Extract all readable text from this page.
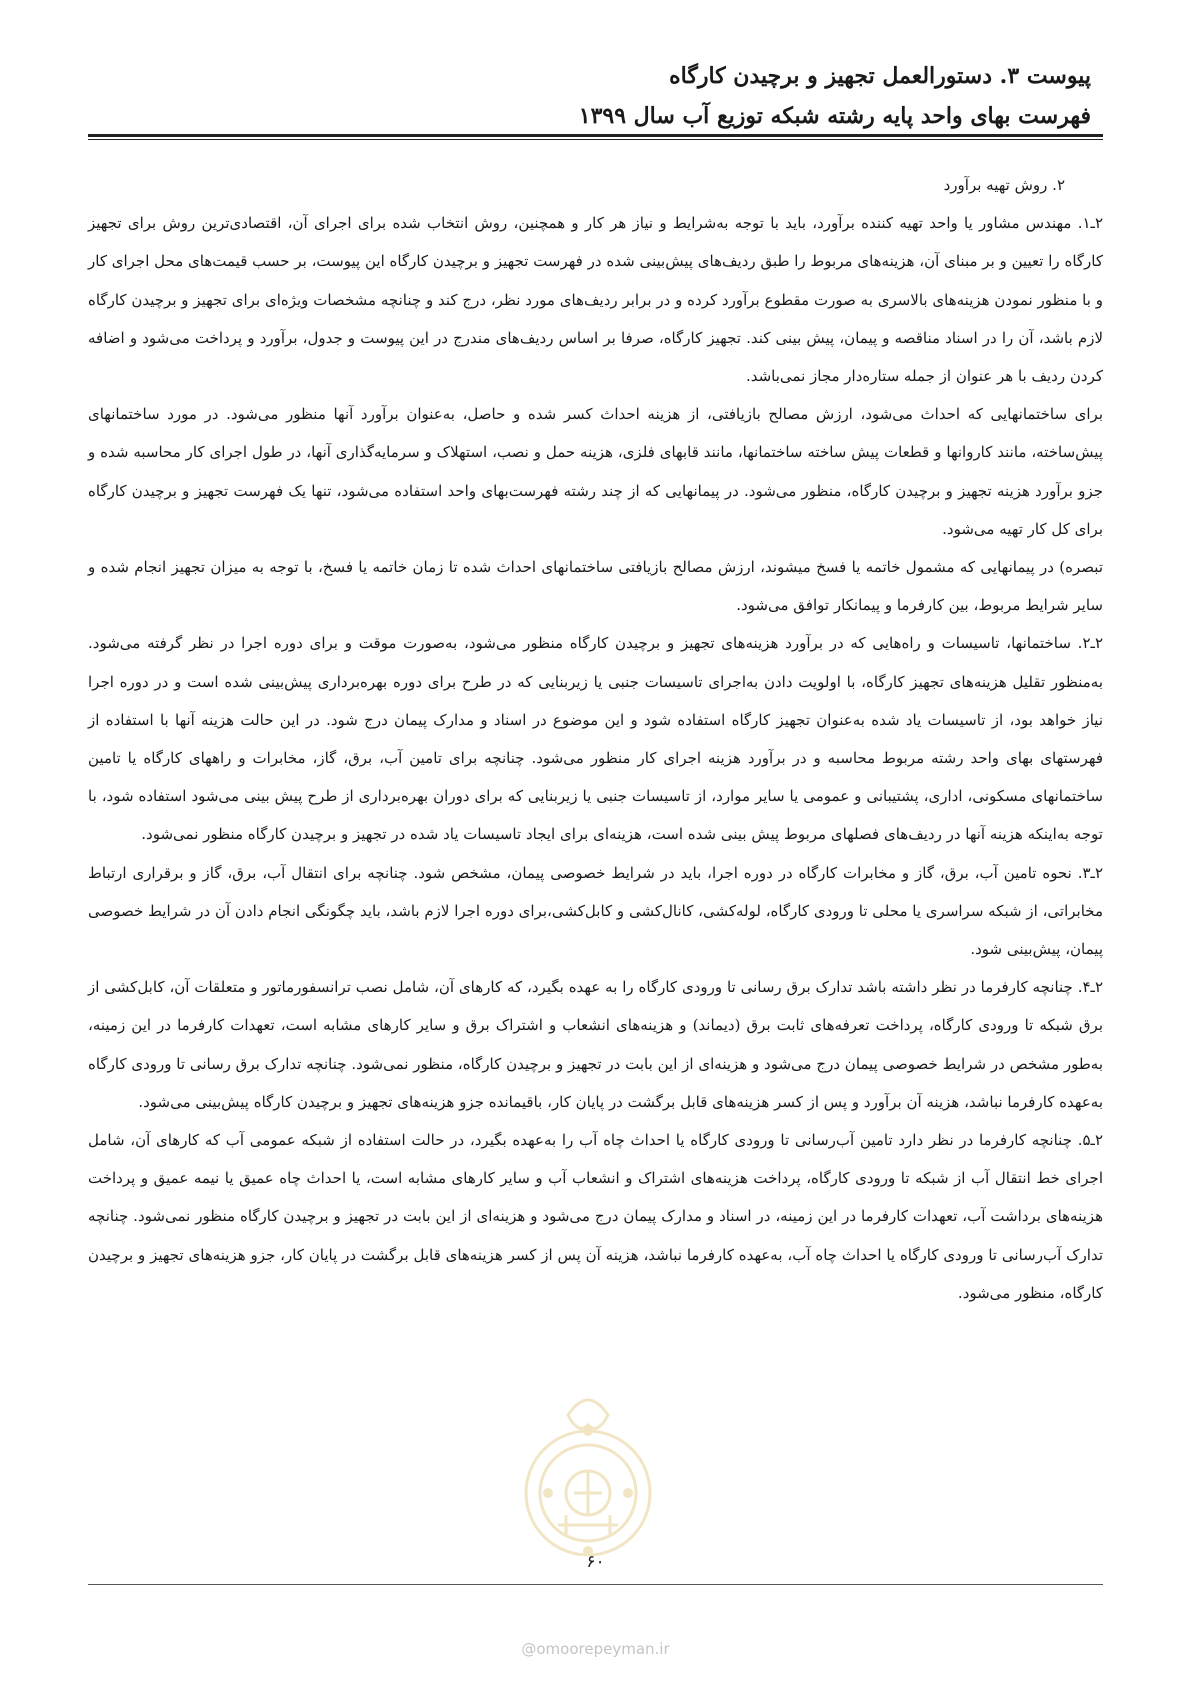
پیوست ۳. دستورالعمل تجهیز و برچیدن کارگاه
فهرست بهای واحد پایه رشته شبکه توزیع آب سال ۱۳۹۹

۲. روش تهیه برآورد

۲ـ۱. مهندس مشاور یا واحد تهیه کننده برآورد، باید با توجه به‌شرایط و نیاز هر کار و همچنین، روش انتخاب شده برای اجرای آن، اقتصادی‌ترین روش برای تجهیز کارگاه را تعیین و بر مبنای آن، هزینه‌های مربوط را طبق ردیف‌های پیش‌بینی شده در فهرست تجهیز و برچیدن کارگاه این پیوست، بر حسب قیمت‌های محل اجرای کار و با منظور نمودن هزینه‌های بالاسری به صورت مقطوع برآورد کرده و در برابر ردیف‌های مورد نظر، درج کند و چنانچه مشخصات ویژه‌ای برای تجهیز و برچیدن کارگاه لازم باشد، آن را در اسناد مناقصه و پیمان، پیش بینی کند. تجهیز کارگاه، صرفا بر اساس ردیف‌های مندرج در این پیوست و جدول، برآورد و پرداخت می‌شود و اضافه کردن ردیف با هر عنوان از جمله ستاره‌دار مجاز نمی‌باشد.

برای ساختمانهایی که احداث می‌شود، ارزش مصالح بازیافتی، از هزینه احداث کسر شده و حاصل، به‌عنوان برآورد آنها منظور می‌شود. در مورد ساختمانهای پیش‌ساخته، مانند کاروانها و قطعات پیش ساخته ساختمانها، مانند قابهای فلزی، هزینه حمل و نصب، استهلاک و سرمایه‌گذاری آنها، در طول اجرای کار محاسبه شده و جزو برآورد هزینه تجهیز و برچیدن کارگاه، منظور می‌شود. در پیمانهایی که از چند رشته فهرست‌بهای واحد استفاده می‌شود، تنها یک فهرست تجهیز و برچیدن کارگاه برای کل کار تهیه می‌شود.

تبصره) در پیمانهایی که مشمول خاتمه یا فسخ میشوند، ارزش مصالح بازیافتی ساختمانهای احداث شده تا زمان خاتمه یا فسخ، با توجه به میزان تجهیز انجام شده و سایر شرایط مربوط، بین کارفرما و پیمانکار توافق می‌شود.

۲ـ۲. ساختمانها، تاسیسات و راه‌هایی که در برآورد هزینه‌های تجهیز و برچیدن کارگاه منظور می‌شود، به‌صورت موقت و برای دوره اجرا در نظر گرفته می‌شود. به‌منظور تقلیل هزینه‌های تجهیز کارگاه، با اولویت دادن به‌اجرای تاسیسات جنبی یا زیربنایی که در طرح برای دوره بهره‌برداری پیش‌بینی شده است و در دوره اجرا نیاز خواهد بود، از تاسیسات یاد شده به‌عنوان تجهیز کارگاه استفاده شود و این موضوع در اسناد و مدارک پیمان درج شود. در این حالت هزینه آنها با استفاده از فهرستهای بهای واحد رشته مربوط محاسبه و در برآورد هزینه اجرای کار منظور می‌شود. چنانچه برای تامین آب، برق، گاز، مخابرات و راههای کارگاه یا تامین ساختمانهای مسکونی، اداری، پشتیبانی و عمومی یا سایر موارد، از تاسیسات جنبی یا زیربنایی که برای دوران بهره‌برداری از طرح پیش بینی می‌شود استفاده شود، با توجه به‌اینکه هزینه آنها در ردیف‌های فصلهای مربوط پیش بینی شده است، هزینه‌ای برای ایجاد تاسیسات یاد شده در تجهیز و برچیدن کارگاه منظور نمی‌شود.

۲ـ۳. نحوه تامین آب، برق، گاز و مخابرات کارگاه در دوره اجرا، باید در شرایط خصوصی پیمان، مشخص شود. چنانچه برای انتقال آب، برق، گاز و برقراری ارتباط مخابراتی، از شبکه سراسری یا محلی تا ورودی کارگاه، لوله‌کشی، کانال‌کشی و کابل‌کشی،برای دوره اجرا لازم باشد، باید چگونگی انجام دادن آن در شرایط خصوصی پیمان، پیش‌بینی شود.

۲ـ۴. چنانچه کارفرما در نظر داشته باشد تدارک برق رسانی تا ورودی کارگاه را به عهده بگیرد، که کارهای آن، شامل نصب ترانسفورماتور و متعلقات آن، کابل‌کشی از برق شبکه تا ورودی کارگاه، پرداخت تعرفه‌های ثابت برق (دیماند) و هزینه‌های انشعاب و اشتراک برق و سایر کارهای مشابه است، تعهدات کارفرما در این زمینه، به‌طور مشخص در شرایط خصوصی پیمان درج می‌شود و هزینه‌ای از این بابت در تجهیز و برچیدن کارگاه، منظور نمی‌شود. چنانچه تدارک برق رسانی تا ورودی کارگاه به‌عهده کارفرما نباشد، هزینه آن برآورد و پس از کسر هزینه‌های قابل برگشت در پایان کار، باقیمانده جزو هزینه‌های تجهیز و برچیدن کارگاه پیش‌بینی می‌شود.

۲ـ۵. چنانچه کارفرما در نظر دارد تامین آب‌رسانی تا ورودی کارگاه یا احداث چاه آب را به‌عهده بگیرد، در حالت استفاده از شبکه عمومی آب که کارهای آن، شامل اجرای خط انتقال آب از شبکه تا ورودی کارگاه، پرداخت هزینه‌های اشتراک و انشعاب آب و سایر کارهای مشابه است، یا احداث چاه عمیق یا نیمه عمیق و پرداخت هزینه‌های برداشت آب، تعهدات کارفرما در این زمینه، در اسناد و مدارک پیمان درج می‌شود و هزینه‌ای از این بابت در تجهیز و برچیدن کارگاه منظور نمی‌شود. چنانچه تدارک آب‌رسانی تا ورودی کارگاه یا احداث چاه آب، به‌عهده کارفرما نباشد، هزینه آن پس از کسر هزینه‌های قابل برگشت در پایان کار، جزو هزینه‌های تجهیز و برچیدن کارگاه، منظور می‌شود.

۶۰
@omoorepeyman.ir
